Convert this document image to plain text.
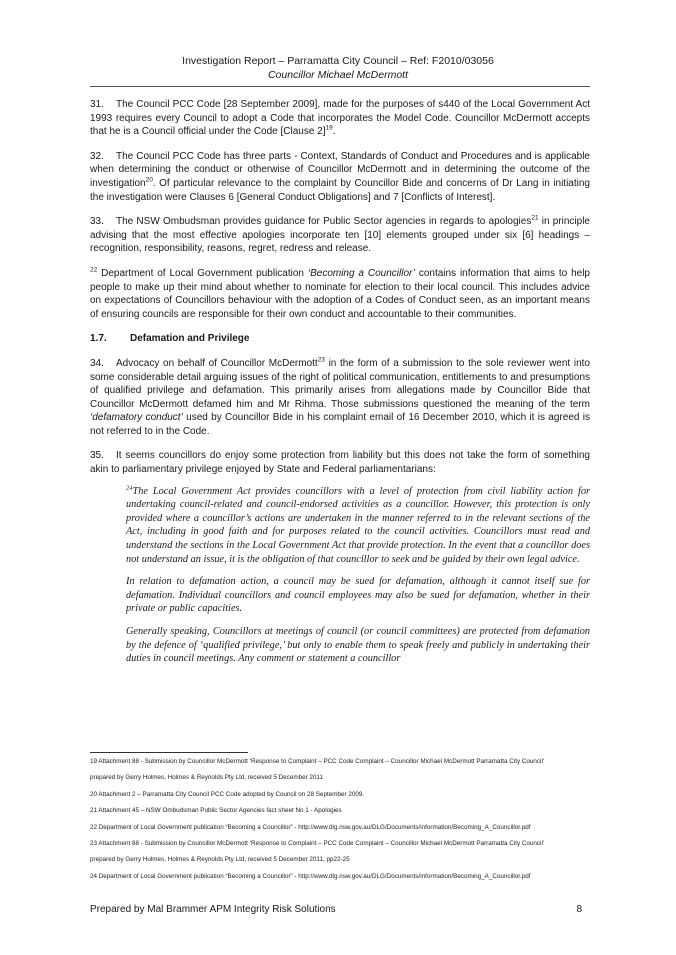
Investigation Report – Parramatta City Council – Ref: F2010/03056
Councillor Michael McDermott

31. The Council PCC Code [28 September 2009], made for the purposes of s440 of the Local Government Act 1993 requires every Council to adopt a Code that incorporates the Model Code. Councillor McDermott accepts that he is a Council official under the Code [Clause 2]$^{19}$.

32. The Council PCC Code has three parts - Context, Standards of Conduct and Procedures and is applicable when determining the conduct or otherwise of Councillor McDermott and in determining the outcome of the investigation$^{20}$. Of particular relevance to the complaint by Councillor Bide and concerns of Dr Lang in initiating the investigation were Clauses 6 [General Conduct Obligations] and 7 [Conflicts of Interest].

33. The NSW Ombudsman provides guidance for Public Sector agencies in regards to apologies$^{21}$ in principle advising that the most effective apologies incorporate ten [10] elements grouped under six [6] headings – recognition, responsibility, reasons, regret, redress and release.

$^{22}$ Department of Local Government publication ‘Becoming a Councillor’ contains information that aims to help people to make up their mind about whether to nominate for election to their local council. This includes advice on expectations of Councillors behaviour with the adoption of a Codes of Conduct seen, as an important means of ensuring councils are responsible for their own conduct and accountable to their communities.

1.7. Defamation and Privilege

34. Advocacy on behalf of Councillor McDermott$^{23}$ in the form of a submission to the sole reviewer went into some considerable detail arguing issues of the right of political communication, entitlements to and presumptions of qualified privilege and defamation. This primarily arises from allegations made by Councillor Bide that Councillor McDermott defamed him and Mr Rihma. Those submissions questioned the meaning of the term ‘defamatory conduct’ used by Councillor Bide in his complaint email of 16 December 2010, which it is agreed is not referred to in the Code.

35. It seems councillors do enjoy some protection from liability but this does not take the form of something akin to parliamentary privilege enjoyed by State and Federal parliamentarians:

$^{24}$The Local Government Act provides councillors with a level of protection from civil liability action for undertaking council-related and council-endorsed activities as a councillor. However, this protection is only provided where a councillor’s actions are undertaken in the manner referred to in the relevant sections of the Act, including in good faith and for purposes related to the council activities. Councillors must read and understand the sections in the Local Government Act that provide protection. In the event that a councillor does not understand an issue, it is the obligation of that councillor to seek and be guided by their own legal advice.

In relation to defamation action, a council may be sued for defamation, although it cannot itself sue for defamation. Individual councillors and council employees may also be sued for defamation, whether in their private or public capacities.

Generally speaking, Councillors at meetings of council (or council committees) are protected from defamation by the defence of ‘qualified privilege,’ but only to enable them to speak freely and publicly in undertaking their duties in council meetings. Any comment or statement a councillor

19 Attachment 88 - Submission by Councillor McDermott ‘Response to Complaint – PCC Code Complaint – Councillor Michael McDermott Parramatta City Council’
prepared by Gerry Holmes, Holmes & Reynolds Pty Ltd, received 5 December 2011
20 Attachment 2 – Parramatta City Council PCC Code adopted by Council on 28 September 2009.
21 Attachment 45 – NSW Ombudsman Public Sector Agencies fact sheet No 1 - Apologies
22 Department of Local Government publication “Becoming a Councillor” - http://www.dlg.nsw.gov.au/DLG/Documents/information/Becoming_A_Councillor.pdf
23 Attachment 88 - Submission by Councillor McDermott ‘Response to Complaint – PCC Code Complaint – Councillor Michael McDermott Parramatta City Council’
prepared by Gerry Holmes, Holmes & Reynolds Pty Ltd, received 5 December 2011, pp22-25
24 Department of Local Government publication “Becoming a Councillor” - http://www.dlg.nsw.gov.au/DLG/Documents/information/Becoming_A_Councillor.pdf
Prepared by Mal Brammer APM Integrity Risk Solutions	8
